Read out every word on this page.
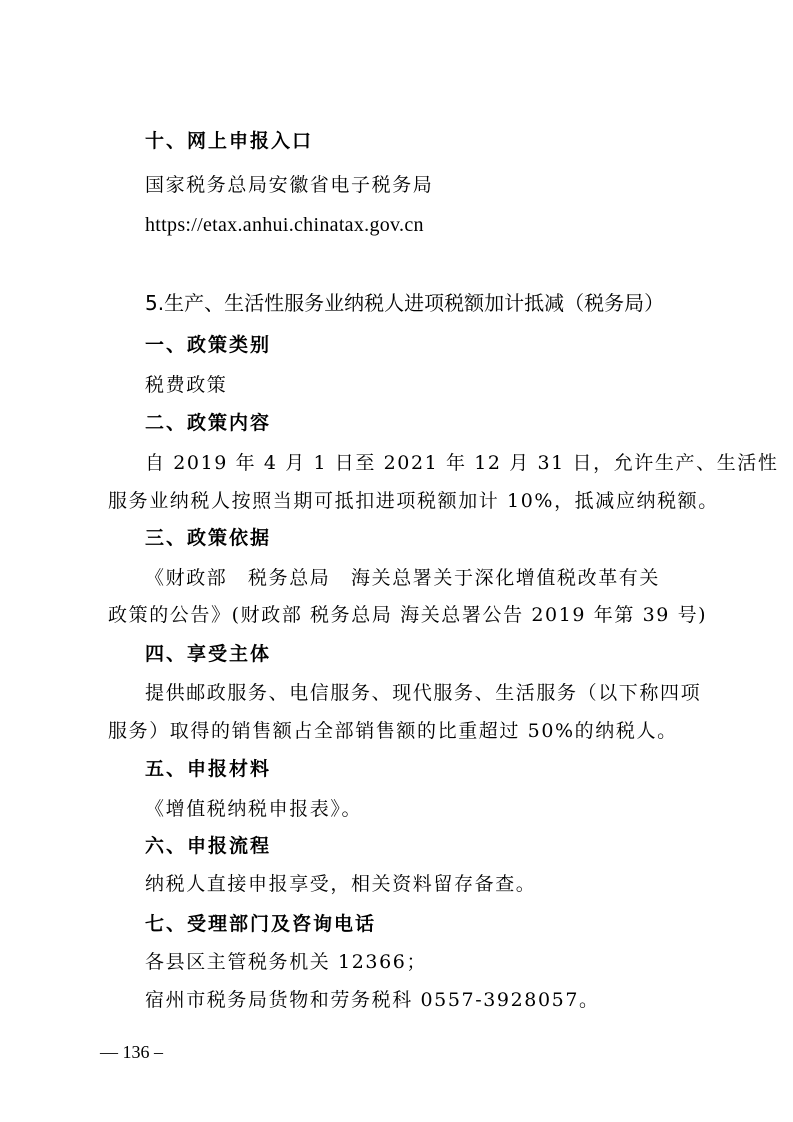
十、网上申报入口
国家税务总局安徽省电子税务局
https://etax.anhui.chinatax.gov.cn
5.生产、生活性服务业纳税人进项税额加计抵减（税务局）
一、政策类别
税费政策
二、政策内容
自 2019 年 4 月 1 日至 2021 年 12 月 31 日，允许生产、生活性
服务业纳税人按照当期可抵扣进项税额加计 10%，抵减应纳税额。
三、政策依据
《财政部　税务总局　海关总署关于深化增值税改革有关
政策的公告》(财政部 税务总局 海关总署公告 2019 年第 39 号)
四、享受主体
提供邮政服务、电信服务、现代服务、生活服务（以下称四项
服务）取得的销售额占全部销售额的比重超过 50%的纳税人。
五、申报材料
《增值税纳税申报表》。
六、申报流程
纳税人直接申报享受，相关资料留存备查。
七、受理部门及咨询电话
各县区主管税务机关 12366；
宿州市税务局货物和劳务税科 0557-3928057。
— 136 –
